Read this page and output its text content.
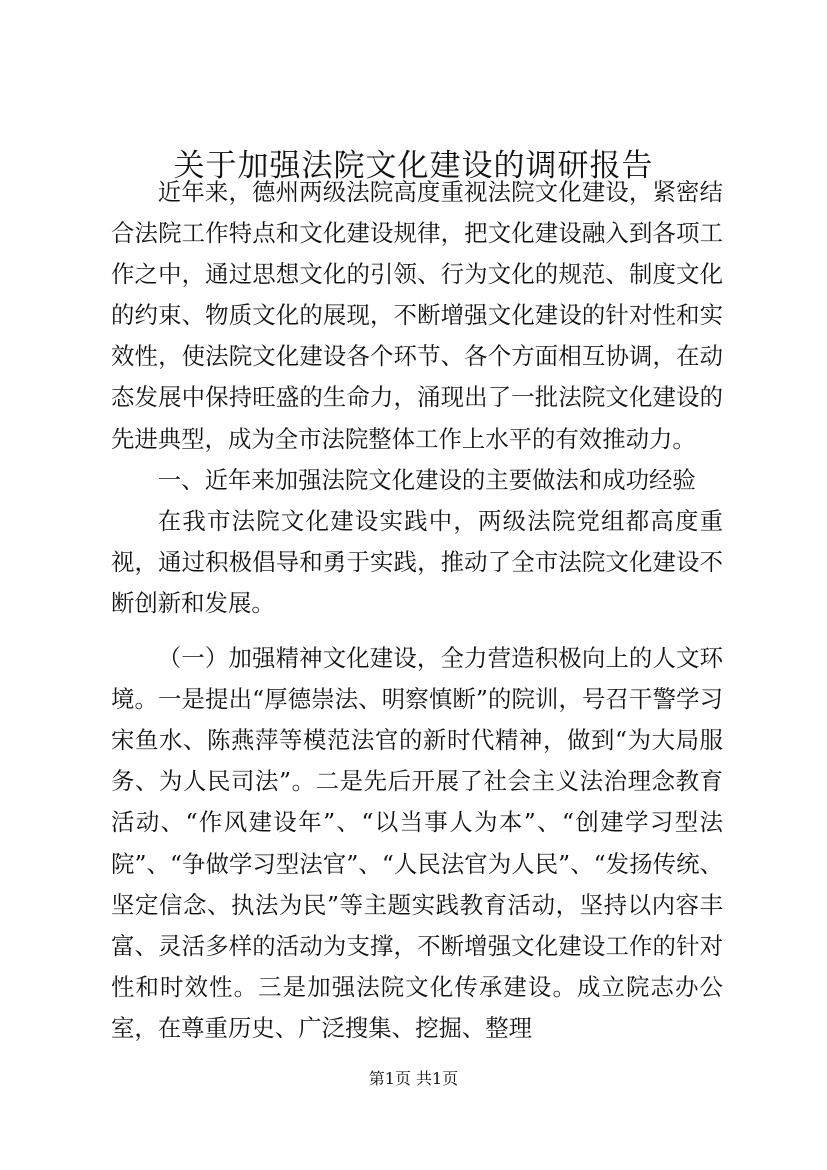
关于加强法院文化建设的调研报告

近年来，德州两级法院高度重视法院文化建设，紧密结合法院工作特点和文化建设规律，把文化建设融入到各项工作之中，通过思想文化的引领、行为文化的规范、制度文化的约束、物质文化的展现，不断增强文化建设的针对性和实效性，使法院文化建设各个环节、各个方面相互协调，在动态发展中保持旺盛的生命力，涌现出了一批法院文化建设的先进典型，成为全市法院整体工作上水平的有效推动力。

一、近年来加强法院文化建设的主要做法和成功经验

在我市法院文化建设实践中，两级法院党组都高度重视，通过积极倡导和勇于实践，推动了全市法院文化建设不断创新和发展。

（一）加强精神文化建设，全力营造积极向上的人文环境。一是提出“厚德崇法、明察慎断”的院训，号召干警学习宋鱼水、陈燕萍等模范法官的新时代精神，做到“为大局服务、为人民司法”。二是先后开展了社会主义法治理念教育活动、“作风建设年”、“以当事人为本”、“创建学习型法院”、“争做学习型法官”、“人民法官为人民”、“发扬传统、坚定信念、执法为民”等主题实践教育活动，坚持以内容丰富、灵活多样的活动为支撑，不断增强文化建设工作的针对性和时效性。三是加强法院文化传承建设。成立院志办公室，在尊重历史、广泛搜集、挖掘、整理

第1页 共1页
